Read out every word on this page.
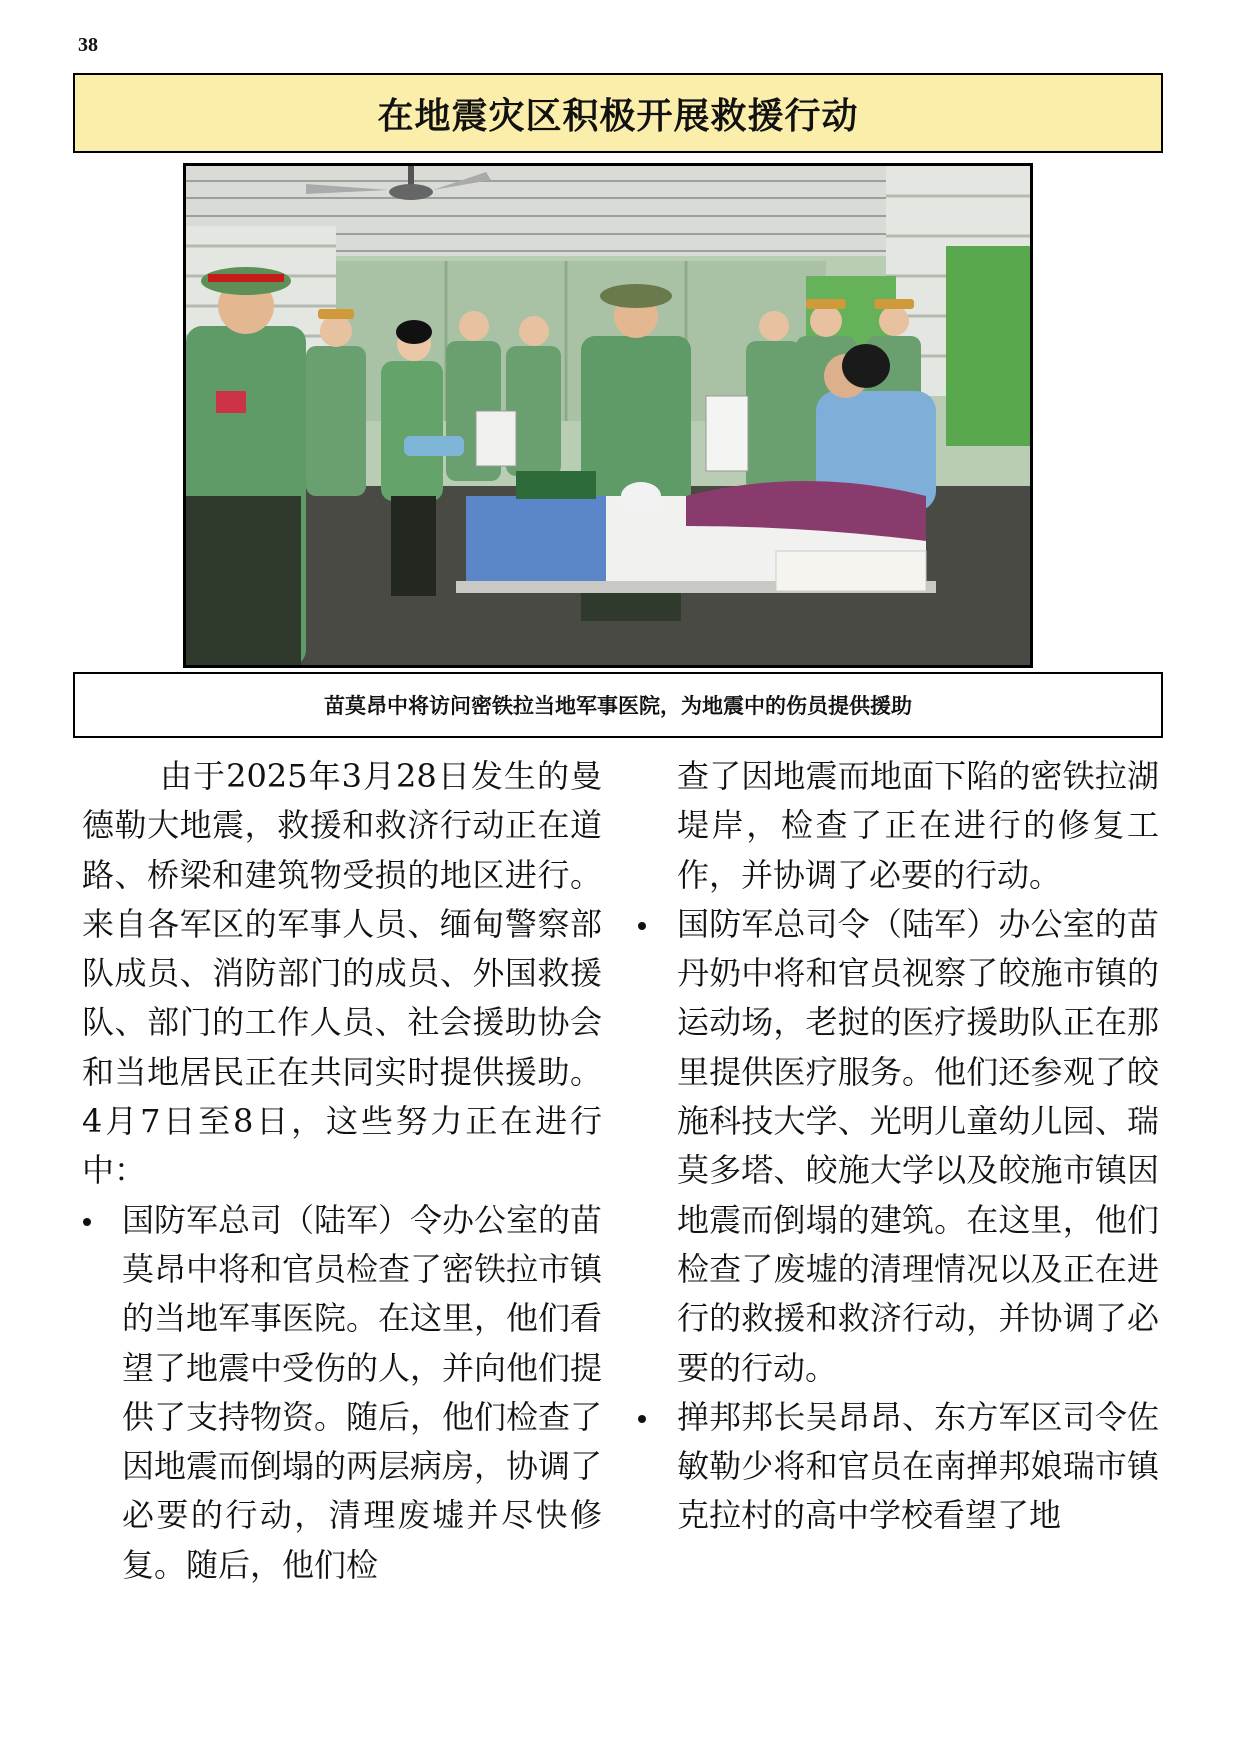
38
在地震灾区积极开展救援行动
苗莫昂中将访问密铁拉当地军事医院，为地震中的伤员提供援助

由于2025年3月28日发生的曼德勒大地震，救援和救济行动正在道路、桥梁和建筑物受损的地区进行。来自各军区的军事人员、缅甸警察部队成员、消防部门的成员、外国救援队、部门的工作人员、社会援助协会和当地居民正在共同实时提供援助。4月7日至8日，这些努力正在进行中：

国防军总司（陆军）令办公室的苗莫昂中将和官员检查了密铁拉市镇的当地军事医院。在这里，他们看望了地震中受伤的人，并向他们提供了支持物资。随后，他们检查了因地震而倒塌的两层病房，协调了必要的行动，清理废墟并尽快修复。随后，他们检

查了因地震而地面下陷的密铁拉湖堤岸，检查了正在进行的修复工作，并协调了必要的行动。

国防军总司令（陆军）办公室的苗丹奶中将和官员视察了皎施市镇的运动场，老挝的医疗援助队正在那里提供医疗服务。他们还参观了皎施科技大学、光明儿童幼儿园、瑞莫多塔、皎施大学以及皎施市镇因地震而倒塌的建筑。在这里，他们检查了废墟的清理情况以及正在进行的救援和救济行动，并协调了必要的行动。

掸邦邦长吴昂昂、东方军区司令佐敏勒少将和官员在南掸邦娘瑞市镇克拉村的高中学校看望了地
